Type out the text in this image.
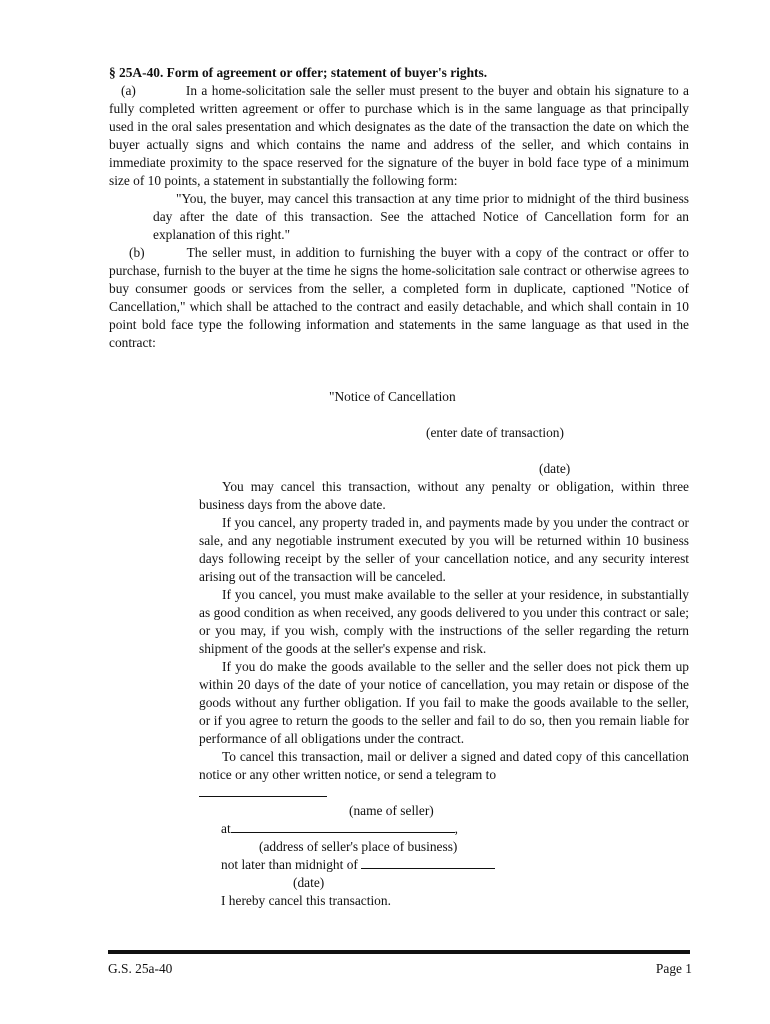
§ 25A-40. Form of agreement or offer; statement of buyer's rights.

(a)	In a home-solicitation sale the seller must present to the buyer and obtain his signature to a fully completed written agreement or offer to purchase which is in the same language as that principally used in the oral sales presentation and which designates as the date of the transaction the date on which the buyer actually signs and which contains the name and address of the seller, and which contains in immediate proximity to the space reserved for the signature of the buyer in bold face type of a minimum size of 10 points, a statement in substantially the following form:

"You, the buyer, may cancel this transaction at any time prior to midnight of the third business day after the date of this transaction. See the attached Notice of Cancellation form for an explanation of this right."

(b)	The seller must, in addition to furnishing the buyer with a copy of the contract or offer to purchase, furnish to the buyer at the time he signs the home-solicitation sale contract or otherwise agrees to buy consumer goods or services from the seller, a completed form in duplicate, captioned "Notice of Cancellation," which shall be attached to the contract and easily detachable, and which shall contain in 10 point bold face type the following information and statements in the same language as that used in the contract:

"Notice of Cancellation

(enter date of transaction)

(date)

You may cancel this transaction, without any penalty or obligation, within three business days from the above date.

If you cancel, any property traded in, and payments made by you under the contract or sale, and any negotiable instrument executed by you will be returned within 10 business days following receipt by the seller of your cancellation notice, and any security interest arising out of the transaction will be canceled.

If you cancel, you must make available to the seller at your residence, in substantially as good condition as when received, any goods delivered to you under this contract or sale; or you may, if you wish, comply with the instructions of the seller regarding the return shipment of the goods at the seller's expense and risk.

If you do make the goods available to the seller and the seller does not pick them up within 20 days of the date of your notice of cancellation, you may retain or dispose of the goods without any further obligation. If you fail to make the goods available to the seller, or if you agree to return the goods to the seller and fail to do so, then you remain liable for performance of all obligations under the contract.

To cancel this transaction, mail or deliver a signed and dated copy of this cancellation notice or any other written notice, or send a telegram to

(name of seller)

at	,

(address of seller's place of business)

not later than midnight of

(date)

I hereby cancel this transaction.

G.S. 25a-40	Page 1
